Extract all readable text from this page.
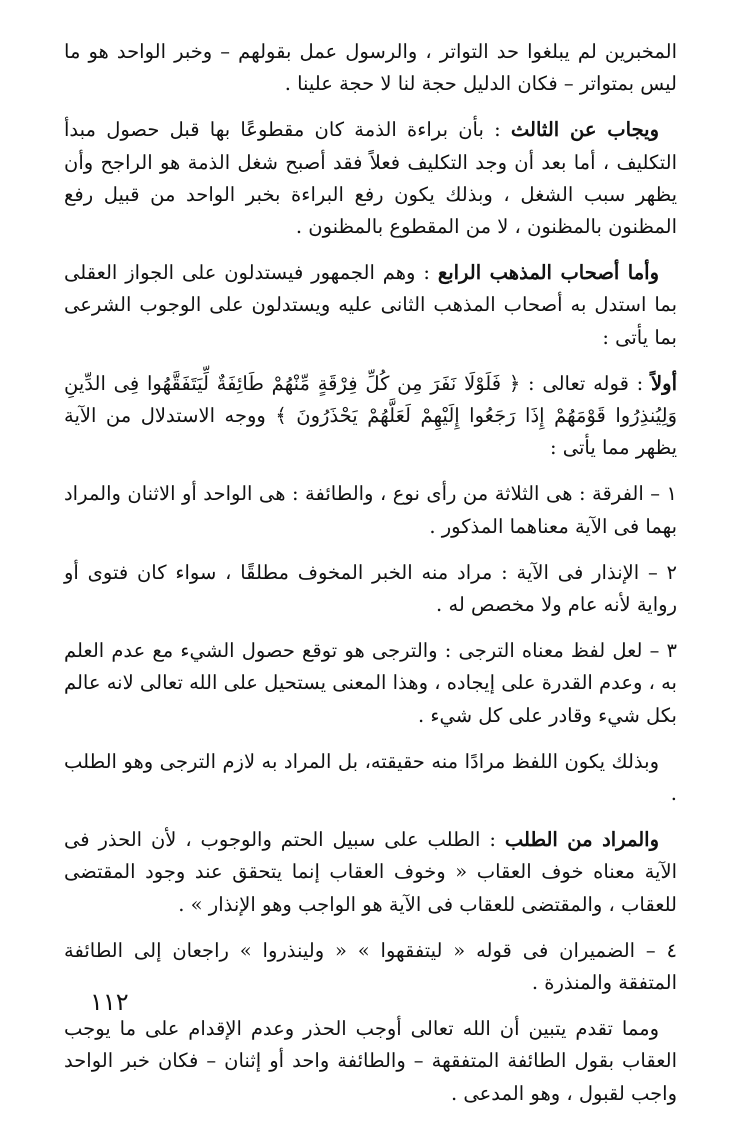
المخبرين لم يبلغوا حد التواتر ، والرسول عمل بقولهم – وخبر الواحد هو ما ليس بمتواتر – فكان الدليل حجة لنا لا حجة علينا .

ويجاب عن الثالث : بأن براءة الذمة كان مقطوعًا بها قبل حصول مبدأ التكليف ، أما بعد أن وجد التكليف فعلاً فقد أصبح شغل الذمة هو الراجح وأن يظهر سبب الشغل ، وبذلك يكون رفع البراءة بخبر الواحد من قبيل رفع المظنون بالمظنون ، لا من المقطوع بالمظنون .

وأما أصحاب المذهب الرابع : وهم الجمهور فيستدلون على الجواز العقلى بما استدل به أصحاب المذهب الثانى عليه ويستدلون على الوجوب الشرعى بما يأتى :

أولاً : قوله تعالى : ﴿ فَلَوْلَا نَفَرَ مِن كُلِّ فِرْقَةٍ مِّنْهُمْ طَائِفَةٌ لِّيَتَفَقَّهُوا فِى الدِّينِ وَلِيُنذِرُوا قَوْمَهُمْ إِذَا رَجَعُوا إِلَيْهِمْ لَعَلَّهُمْ يَحْذَرُونَ ﴾ ووجه الاستدلال من الآية يظهر مما يأتى :

١ – الفرقة : هى الثلاثة من رأى نوع ، والطائفة : هى الواحد أو الاثنان والمراد بهما فى الآية معناهما المذكور .

٢ – الإنذار فى الآية : مراد منه الخبر المخوف مطلقًا ، سواء كان فتوى أو رواية لأنه عام ولا مخصص له .

٣ – لعل لفظ معناه الترجى : والترجى هو توقع حصول الشيء مع عدم العلم به ، وعدم القدرة على إيجاده ، وهذا المعنى يستحيل على الله تعالى لانه عالم بكل شيء وقادر على كل شيء .

وبذلك يكون اللفظ مرادًا منه حقيقته، بل المراد به لازم الترجى وهو الطلب .

والمراد من الطلب : الطلب على سبيل الحتم والوجوب ، لأن الحذر فى الآية معناه خوف العقاب « وخوف العقاب إنما يتحقق عند وجود المقتضى للعقاب ، والمقتضى للعقاب فى الآية هو الواجب وهو الإنذار » .

٤ – الضميران فى قوله « ليتفقهوا » « ولينذروا » راجعان إلى الطائفة المتفقة والمنذرة .

ومما تقدم يتبين أن الله تعالى أوجب الحذر وعدم الإقدام على ما يوجب العقاب بقول الطائفة المتفقهة – والطائفة واحد أو إثنان – فكان خبر الواحد واجب لقبول ، وهو المدعى .

١١٢
